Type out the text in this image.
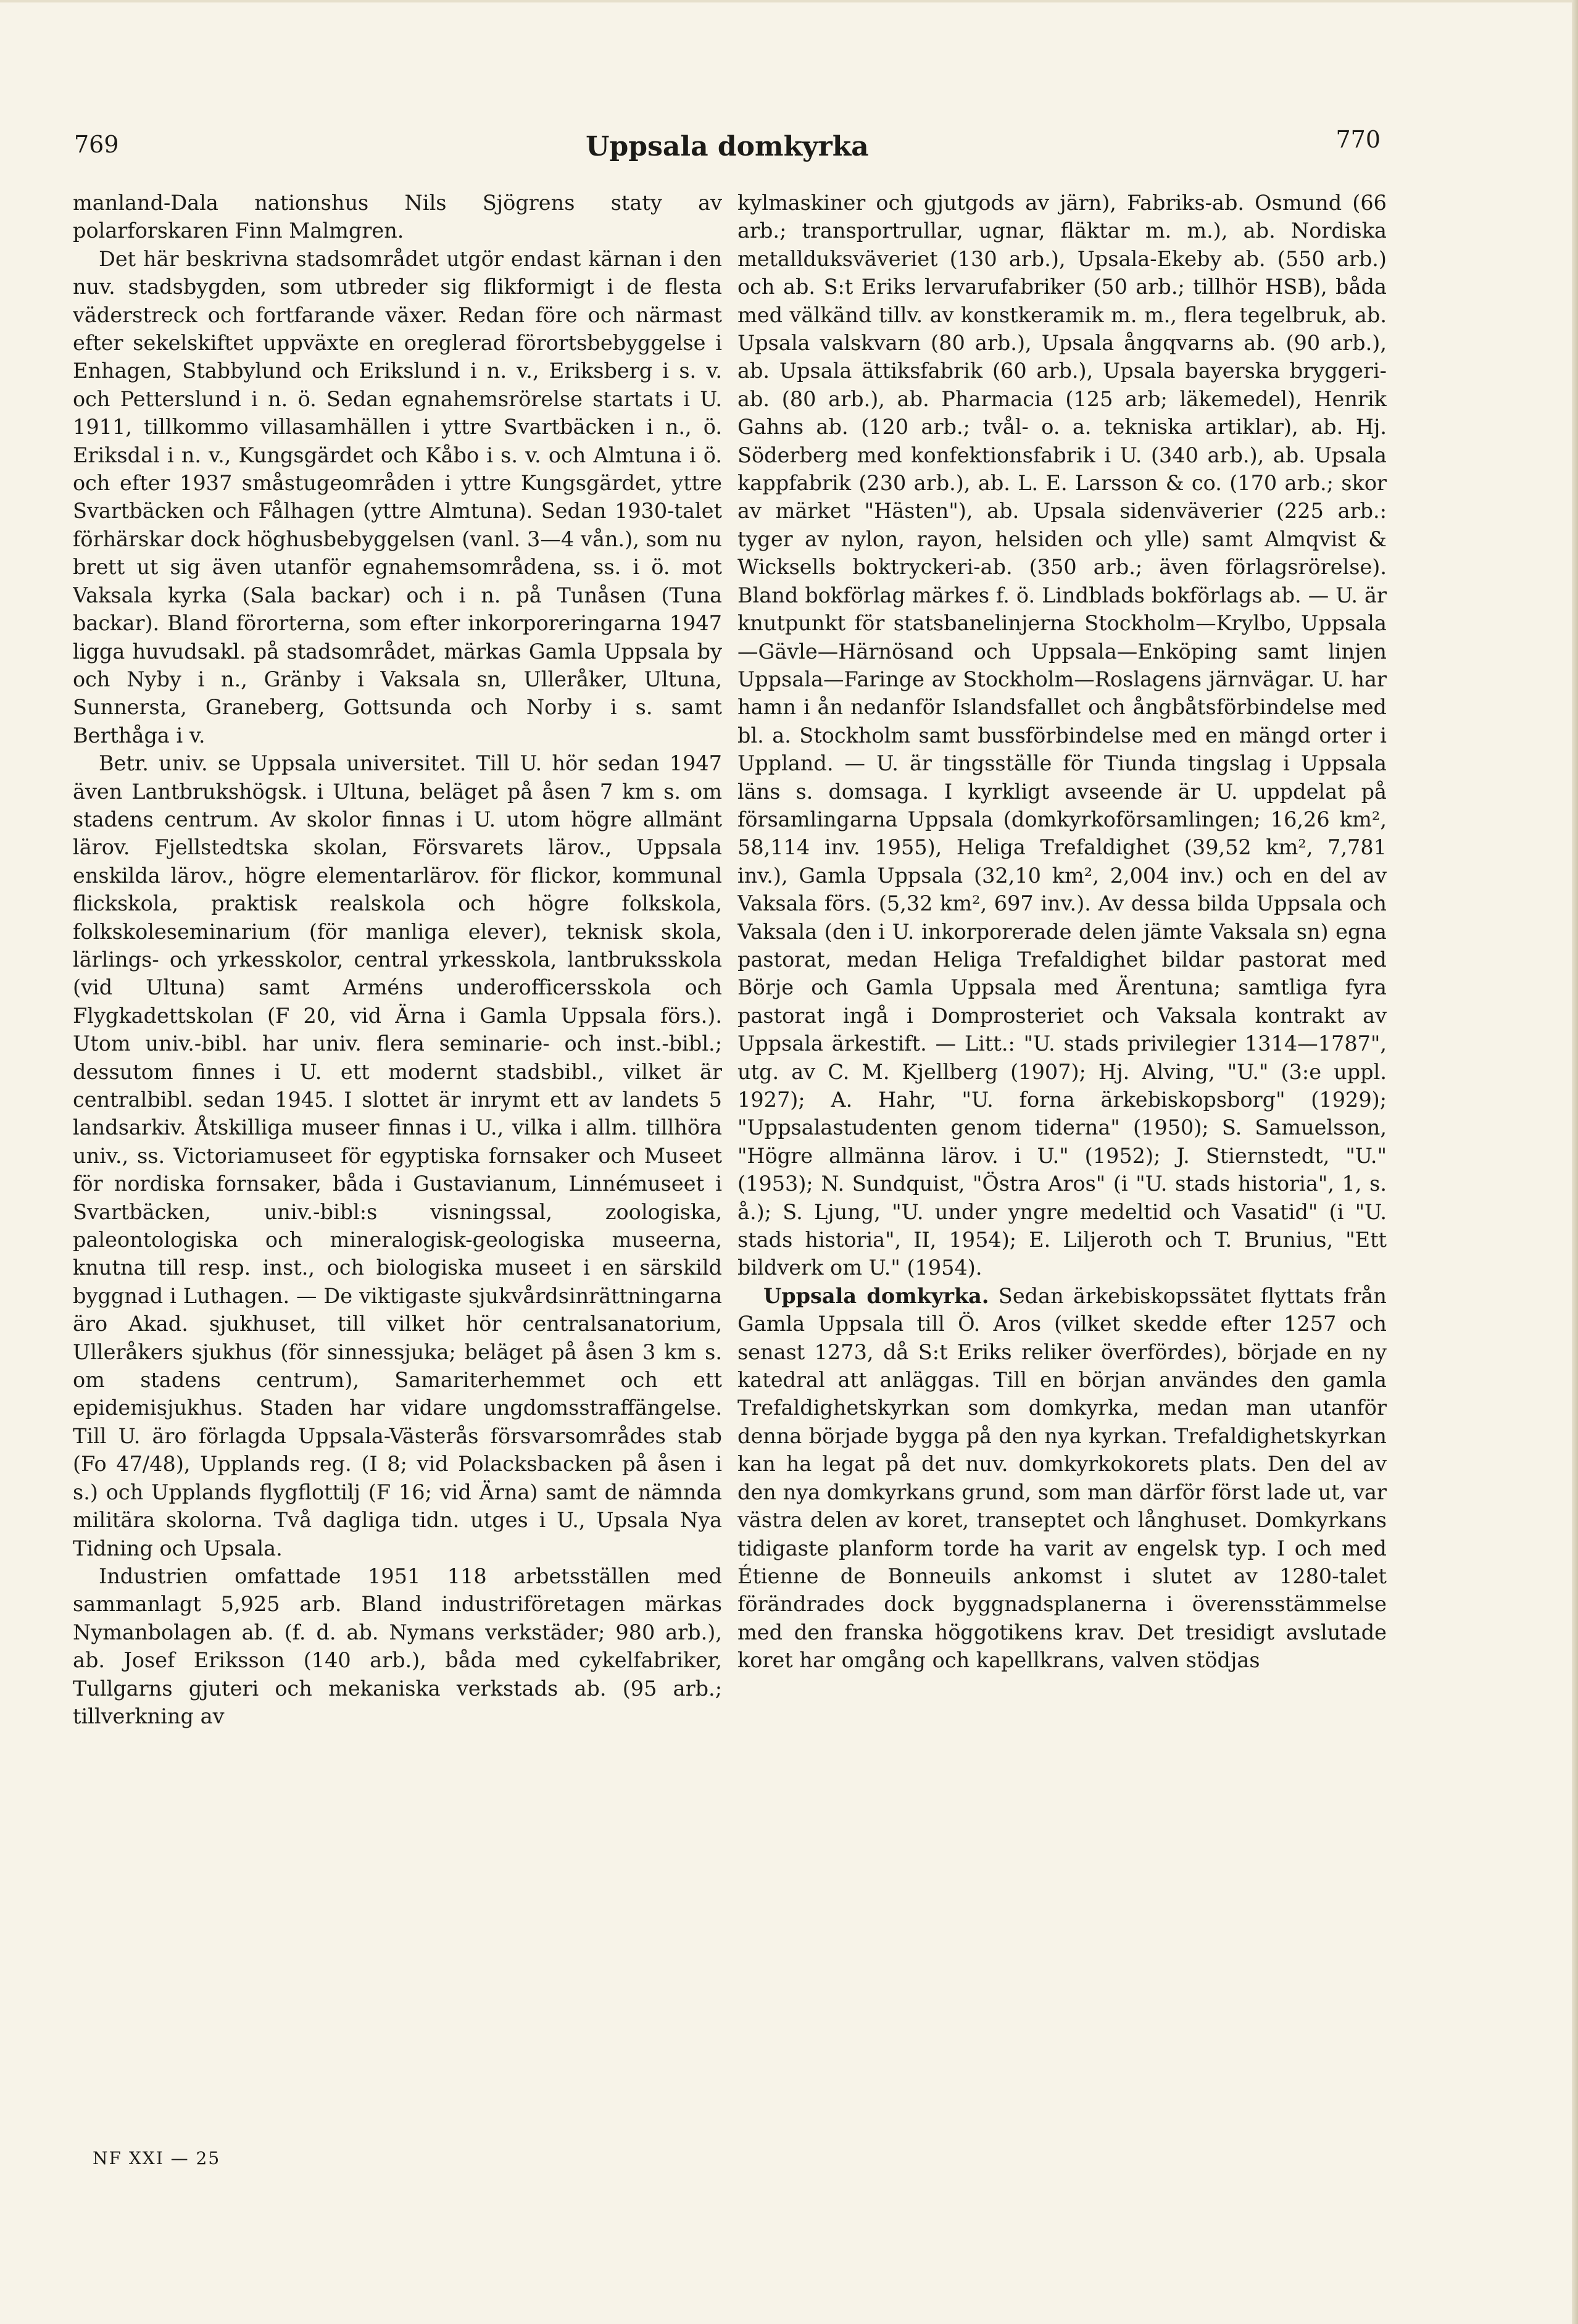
769	Uppsala domkyrka	770

manland-Dala nationshus Nils Sjögrens staty av polarforskaren Finn Malmgren.

Det här beskrivna stadsområdet utgör endast kärnan i den nuv. stadsbygden, som utbreder sig flikformigt i de flesta väderstreck och fortfarande växer. Redan före och närmast efter sekelskiftet uppväxte en oreglerad förortsbebyggelse i Enhagen, Stabbylund och Erikslund i n. v., Eriksberg i s. v. och Petterslund i n. ö. Sedan egnahemsrörelse startats i U. 1911, tillkommo villasamhällen i yttre Svartbäcken i n., ö. Eriksdal i n. v., Kungsgärdet och Kåbo i s. v. och Almtuna i ö. och efter 1937 småstugeområden i yttre Kungsgärdet, yttre Svartbäcken och Fålhagen (yttre Almtuna). Sedan 1930-talet förhärskar dock höghusbebyggelsen (vanl. 3—4 vån.), som nu brett ut sig även utanför egnahemsområdena, ss. i ö. mot Vaksala kyrka (Sala backar) och i n. på Tunåsen (Tuna backar). Bland förorterna, som efter inkorporeringarna 1947 ligga huvudsakl. på stadsområdet, märkas Gamla Uppsala by och Nyby i n., Gränby i Vaksala sn, Ulleråker, Ultuna, Sunnersta, Graneberg, Gottsunda och Norby i s. samt Berthåga i v.

Betr. univ. se Uppsala universitet. Till U. hör sedan 1947 även Lantbrukshögsk. i Ultuna, beläget på åsen 7 km s. om stadens centrum. Av skolor finnas i U. utom högre allmänt lärov. Fjellstedtska skolan, Försvarets lärov., Uppsala enskilda lärov., högre elementarlärov. för flickor, kommunal flickskola, praktisk realskola och högre folkskola, folkskoleseminarium (för manliga elever), teknisk skola, lärlings- och yrkesskolor, central yrkesskola, lantbruksskola (vid Ultuna) samt Arméns underofficersskola och Flygkadettskolan (F 20, vid Ärna i Gamla Uppsala förs.). Utom univ.-bibl. har univ. flera seminarie- och inst.-bibl.; dessutom finnes i U. ett modernt stadsbibl., vilket är centralbibl. sedan 1945. I slottet är inrymt ett av landets 5 landsarkiv. Åtskilliga museer finnas i U., vilka i allm. tillhöra univ., ss. Victoriamuseet för egyptiska fornsaker och Museet för nordiska fornsaker, båda i Gustavianum, Linnémuseet i Svartbäcken, univ.-bibl:s visningssal, zoologiska, paleontologiska och mineralogisk-geologiska museerna, knutna till resp. inst., och biologiska museet i en särskild byggnad i Luthagen. — De viktigaste sjukvårdsinrättningarna äro Akad. sjukhuset, till vilket hör centralsanatorium, Ulleråkers sjukhus (för sinnessjuka; beläget på åsen 3 km s. om stadens centrum), Samariterhemmet och ett epidemisjukhus. Staden har vidare ungdomsstraffängelse. Till U. äro förlagda Uppsala-Västerås försvarsområdes stab (Fo 47/48), Upplands reg. (I 8; vid Polacksbacken på åsen i s.) och Upplands flygflottilj (F 16; vid Ärna) samt de nämnda militära skolorna. Två dagliga tidn. utges i U., Upsala Nya Tidning och Upsala.

Industrien omfattade 1951 118 arbetsställen med sammanlagt 5,925 arb. Bland industriföretagen märkas Nymanbolagen ab. (f. d. ab. Nymans verkstäder; 980 arb.), ab. Josef Eriksson (140 arb.), båda med cykelfabriker, Tullgarns gjuteri och mekaniska verkstads ab. (95 arb.; tillverkning av

kylmaskiner och gjutgods av järn), Fabriks-ab. Osmund (66 arb.; transportrullar, ugnar, fläktar m. m.), ab. Nordiska metallduksväveriet (130 arb.), Upsala-Ekeby ab. (550 arb.) och ab. S:t Eriks lervarufabriker (50 arb.; tillhör HSB), båda med välkänd tillv. av konstkeramik m. m., flera tegelbruk, ab. Upsala valskvarn (80 arb.), Upsala ångqvarns ab. (90 arb.), ab. Upsala ättiksfabrik (60 arb.), Upsala bayerska bryggeri-ab. (80 arb.), ab. Pharmacia (125 arb; läkemedel), Henrik Gahns ab. (120 arb.; tvål- o. a. tekniska artiklar), ab. Hj. Söderberg med konfektionsfabrik i U. (340 arb.), ab. Upsala kappfabrik (230 arb.), ab. L. E. Larsson & co. (170 arb.; skor av märket "Hästen"), ab. Upsala sidenväverier (225 arb.: tyger av nylon, rayon, helsiden och ylle) samt Almqvist & Wicksells boktryckeri-ab. (350 arb.; även förlagsrörelse). Bland bokförlag märkes f. ö. Lindblads bokförlags ab. — U. är knutpunkt för statsbanelinjerna Stockholm—Krylbo, Uppsala—Gävle—Härnösand och Uppsala—Enköping samt linjen Uppsala—Faringe av Stockholm—Roslagens järnvägar. U. har hamn i ån nedanför Islandsfallet och ångbåtsförbindelse med bl. a. Stockholm samt bussförbindelse med en mängd orter i Uppland. — U. är tingsställe för Tiunda tingslag i Uppsala läns s. domsaga. I kyrkligt avseende är U. uppdelat på församlingarna Uppsala (domkyrkoförsamlingen; 16,26 km², 58,114 inv. 1955), Heliga Trefaldighet (39,52 km², 7,781 inv.), Gamla Uppsala (32,10 km², 2,004 inv.) och en del av Vaksala förs. (5,32 km², 697 inv.). Av dessa bilda Uppsala och Vaksala (den i U. inkorporerade delen jämte Vaksala sn) egna pastorat, medan Heliga Trefaldighet bildar pastorat med Börje och Gamla Uppsala med Ärentuna; samtliga fyra pastorat ingå i Domprosteriet och Vaksala kontrakt av Uppsala ärkestift. — Litt.: "U. stads privilegier 1314—1787", utg. av C. M. Kjellberg (1907); Hj. Alving, "U." (3:e uppl. 1927); A. Hahr, "U. forna ärkebiskopsborg" (1929); "Uppsalastudenten genom tiderna" (1950); S. Samuelsson, "Högre allmänna lärov. i U." (1952); J. Stiernstedt, "U." (1953); N. Sundquist, "Östra Aros" (i "U. stads historia", 1, s. å.); S. Ljung, "U. under yngre medeltid och Vasatid" (i "U. stads historia", II, 1954); E. Liljeroth och T. Brunius, "Ett bildverk om U." (1954).

Uppsala domkyrka. Sedan ärkebiskopssätet flyttats från Gamla Uppsala till Ö. Aros (vilket skedde efter 1257 och senast 1273, då S:t Eriks reliker överfördes), började en ny katedral att anläggas. Till en början användes den gamla Trefaldighetskyrkan som domkyrka, medan man utanför denna började bygga på den nya kyrkan. Trefaldighetskyrkan kan ha legat på det nuv. domkyrkokorets plats. Den del av den nya domkyrkans grund, som man därför först lade ut, var västra delen av koret, transeptet och långhuset. Domkyrkans tidigaste planform torde ha varit av engelsk typ. I och med Étienne de Bonneuils ankomst i slutet av 1280-talet förändrades dock byggnadsplanerna i överensstämmelse med den franska höggotikens krav. Det tresidigt avslutade koret har omgång och kapellkrans, valven stödjas

NF XXI — 25
